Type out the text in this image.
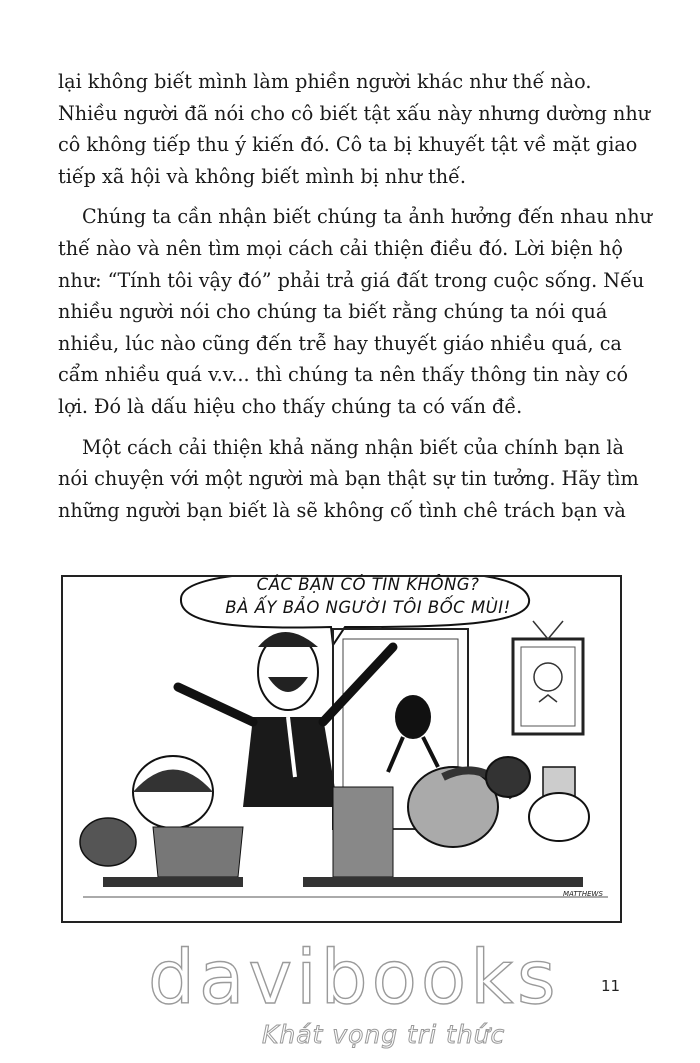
lại không biết mình làm phiền người khác như thế nào.
Nhiều người đã nói cho cô biết tật xấu này nhưng dường như
cô không tiếp thu ý kiến đó. Cô ta bị khuyết tật về mặt giao
tiếp xã hội và không biết mình bị như thế.

Chúng ta cần nhận biết chúng ta ảnh hưởng đến nhau như
thế nào và nên tìm mọi cách cải thiện điều đó. Lời biện hộ
như: “Tính tôi vậy đó” phải trả giá đất trong cuộc sống. Nếu
nhiều người nói cho chúng ta biết rằng chúng ta nói quá
nhiều, lúc nào cũng đến trễ hay thuyết giáo nhiều quá, ca
cẩm nhiều quá v.v... thì chúng ta nên thấy thông tin này có
lợi. Đó là dấu hiệu cho thấy chúng ta có vấn đề.

Một cách cải thiện khả năng nhận biết của chính bạn là
nói chuyện với một người mà bạn thật sự tin tưởng. Hãy tìm
những người bạn biết là sẽ không cố tình chê trách bạn và

CÁC BẠN CÓ TIN KHÔNG?
BÀ ẤY BẢO NGƯỜI TÔI BỐC MÙI!
MATTHEWS
davibooks
Khát vọng tri thức
11
